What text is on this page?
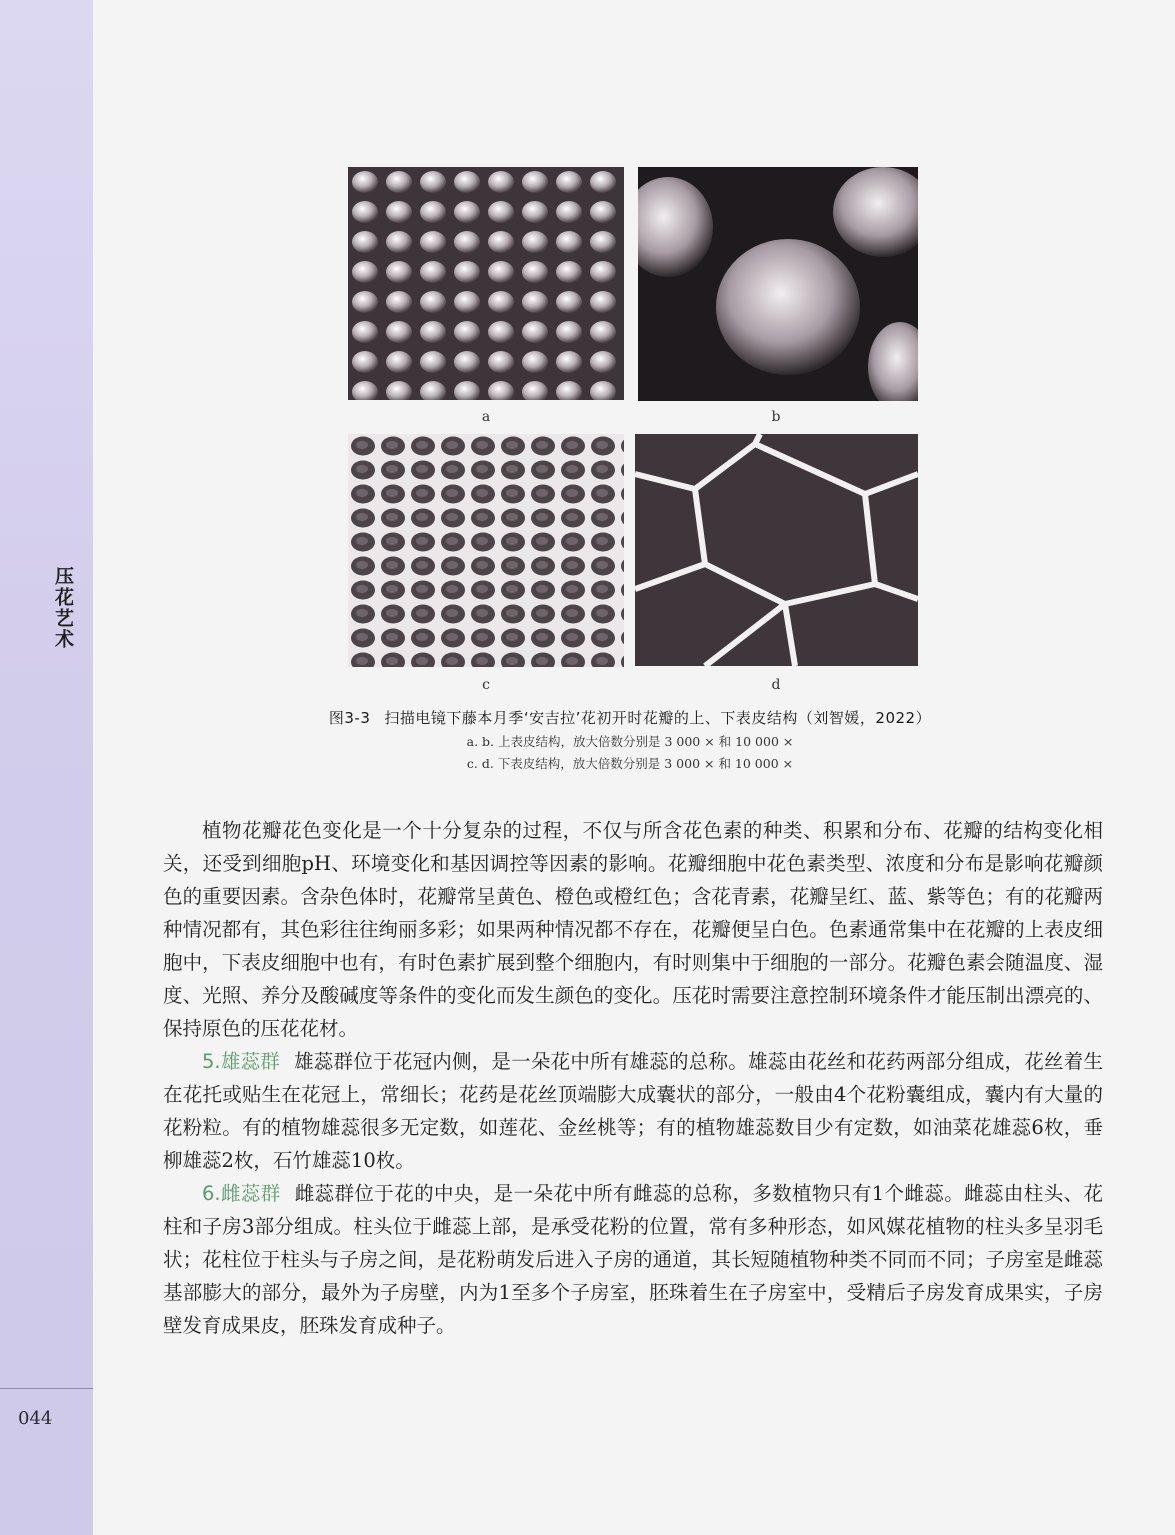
压花艺术
044
a	b
c	d
图3-3 扫描电镜下藤本月季‘安吉拉’花初开时花瓣的上、下表皮结构（刘智媛，2022）
a. b. 上表皮结构，放大倍数分别是 3 000 × 和 10 000 ×
c. d. 下表皮结构，放大倍数分别是 3 000 × 和 10 000 ×

植物花瓣花色变化是一个十分复杂的过程，不仅与所含花色素的种类、积累和分布、花瓣的结构变化相关，还受到细胞pH、环境变化和基因调控等因素的影响。花瓣细胞中花色素类型、浓度和分布是影响花瓣颜色的重要因素。含杂色体时，花瓣常呈黄色、橙色或橙红色；含花青素，花瓣呈红、蓝、紫等色；有的花瓣两种情况都有，其色彩往往绚丽多彩；如果两种情况都不存在，花瓣便呈白色。色素通常集中在花瓣的上表皮细胞中，下表皮细胞中也有，有时色素扩展到整个细胞内，有时则集中于细胞的一部分。花瓣色素会随温度、湿度、光照、养分及酸碱度等条件的变化而发生颜色的变化。压花时需要注意控制环境条件才能压制出漂亮的、保持原色的压花花材。

5.雄蕊群 雄蕊群位于花冠内侧，是一朵花中所有雄蕊的总称。雄蕊由花丝和花药两部分组成，花丝着生在花托或贴生在花冠上，常细长；花药是花丝顶端膨大成囊状的部分，一般由4个花粉囊组成，囊内有大量的花粉粒。有的植物雄蕊很多无定数，如莲花、金丝桃等；有的植物雄蕊数目少有定数，如油菜花雄蕊6枚，垂柳雄蕊2枚，石竹雄蕊10枚。

6.雌蕊群 雌蕊群位于花的中央，是一朵花中所有雌蕊的总称，多数植物只有1个雌蕊。雌蕊由柱头、花柱和子房3部分组成。柱头位于雌蕊上部，是承受花粉的位置，常有多种形态，如风媒花植物的柱头多呈羽毛状；花柱位于柱头与子房之间，是花粉萌发后进入子房的通道，其长短随植物种类不同而不同；子房室是雌蕊基部膨大的部分，最外为子房壁，内为1至多个子房室，胚珠着生在子房室中，受精后子房发育成果实，子房壁发育成果皮，胚珠发育成种子。
